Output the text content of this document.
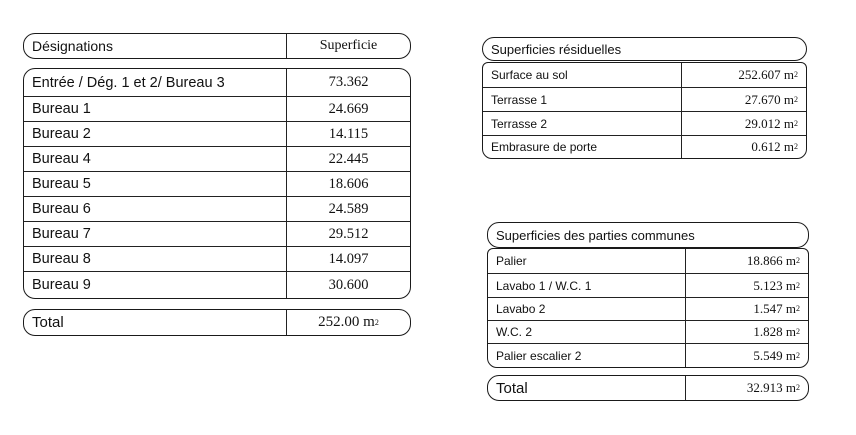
Désignations	Superficie
Entrée / Dég. 1 et 2/ Bureau 3	73.362
Bureau 1	24.669
Bureau 2	14.115
Bureau 4	22.445
Bureau 5	18.606
Bureau 6	24.589
Bureau 7	29.512
Bureau 8	14.097
Bureau 9	30.600
Total	252.00 m 2
Superficies résiduelles
Surface au sol	252.607 m 2
Terrasse 1	27.670 m 2
Terrasse 2	29.012 m 2
Embrasure de porte	0.612 m 2
Superficies des parties communes
Palier	18.866 m 2
Lavabo 1 / W.C. 1	5.123 m 2
Lavabo 2	1.547 m 2
W.C. 2	1.828 m 2
Palier escalier 2	5.549 m 2
Total	32.913 m 2
